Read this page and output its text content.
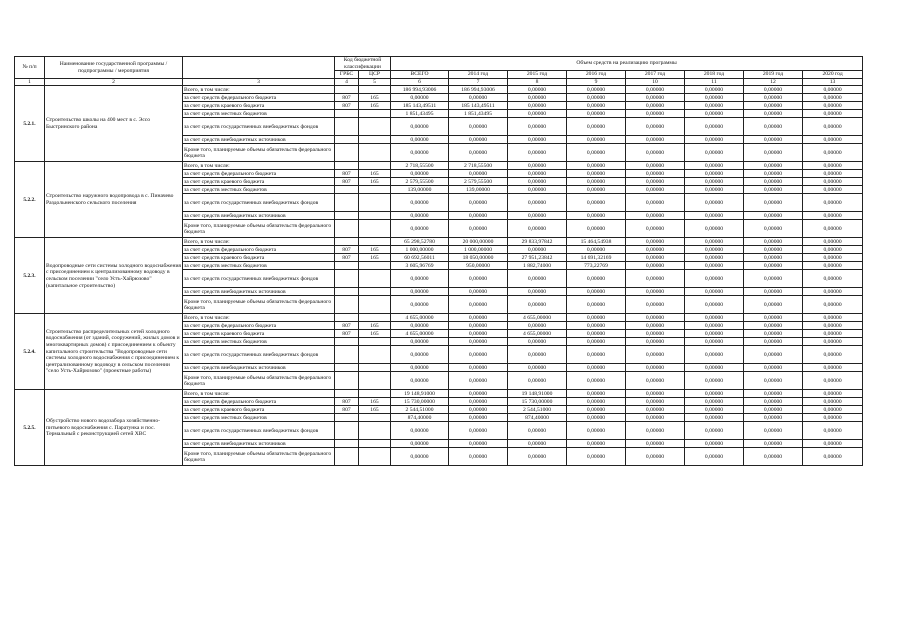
№ п/п	Наименование государственной программы / подпрограммы / мероприятия		Код бюджетной классификации		Объем средств на реализацию программы							
			ГРБС	ЦСР	ВСЕГО	2014 год	2015 год	2016 год	2017 год	2018 год	2019 год	2020 год

1	2	3	4	5	6	7	8	9	10	11	12	13
5.2.1.	Строительство школы на 400 мест в с. Эссо Быстринского района	Всего, в том числе:			186 994,93006	186 994,93006	0,00000	0,00000	0,00000	0,00000	0,00000	0,00000
		за счет средств федерального бюджета	807	165	0,00000	0,00000	0,00000	0,00000	0,00000	0,00000	0,00000	0,00000
		за счет средств краевого бюджета	807	165	185 143,49511	185 143,49511	0,00000	0,00000	0,00000	0,00000	0,00000	0,00000
		за счет средств местных бюджетов			1 851,43495	1 851,43495	0,00000	0,00000	0,00000	0,00000	0,00000	0,00000
		за счет средств государственных внебюджетных фондов			0,00000	0,00000	0,00000	0,00000	0,00000	0,00000	0,00000	0,00000
		за счет средств внебюджетных источников			0,00000	0,00000	0,00000	0,00000	0,00000	0,00000	0,00000	0,00000
		Кроме того, планируемые объемы обязательств федерального бюджета			0,00000	0,00000	0,00000	0,00000	0,00000	0,00000	0,00000	0,00000
5.2.2.	Строительство наружного водопровода в с. Пиначево Раздольненского сельского поселения	Всего, в том числе:			2 718,55500	2 718,55500	0,00000	0,00000	0,00000	0,00000	0,00000	0,00000
		за счет средств федерального бюджета	807	165	0,00000	0,00000	0,00000	0,00000	0,00000	0,00000	0,00000	0,00000
		за счет средств краевого бюджета	807	165	2 579,55500	2 579,55500	0,00000	0,00000	0,00000	0,00000	0,00000	0,00000
		за счет средств местных бюджетов			139,00000	139,00000	0,00000	0,00000	0,00000	0,00000	0,00000	0,00000
		за счет средств государственных внебюджетных фондов			0,00000	0,00000	0,00000	0,00000	0,00000	0,00000	0,00000	0,00000
		за счет средств внебюджетных источников			0,00000	0,00000	0,00000	0,00000	0,00000	0,00000	0,00000	0,00000
		Кроме того, планируемые объемы обязательств федерального бюджета			0,00000	0,00000	0,00000	0,00000	0,00000	0,00000	0,00000	0,00000
5.2.3.	Водопроводные сети системы холодного водоснабжения с присоединением к централизованному водоводу в сельском поселении "село Усть-Хайрюзово" (капитальное строительство)	Всего, в том числе:			65 298,52780	20 000,00000	29 833,97842	15 464,54938	0,00000	0,00000	0,00000	0,00000
		за счет средств федерального бюджета	807	165	1 000,00000	1 000,00000	0,00000	0,00000	0,00000	0,00000	0,00000	0,00000
		за счет средств краевого бюджета	807	165	60 692,56011	18 050,00000	27 951,23842	14 691,32169	0,00000	0,00000	0,00000	0,00000
		за счет средств местных бюджетов			3 605,96769	950,00000	1 882,74000	773,22769	0,00000	0,00000	0,00000	0,00000
		за счет средств государственных внебюджетных фондов			0,00000	0,00000	0,00000	0,00000	0,00000	0,00000	0,00000	0,00000
		за счет средств внебюджетных источников			0,00000	0,00000	0,00000	0,00000	0,00000	0,00000	0,00000	0,00000
		Кроме того, планируемые объемы обязательств федерального бюджета			0,00000	0,00000	0,00000	0,00000	0,00000	0,00000	0,00000	0,00000
5.2.4.	Строительство распределительных сетей холодного водоснабжения (от зданий, сооружений, жилых домов и многоквартирных домов) с присоединением к объекту капитального строительства "Водопроводные сети системы холодного водоснабжения с присоединением к централизованному водоводу в сельском поселении "село Усть-Хайрюзово" (проектные работы)	Всего, в том числе:			4 655,00000	0,00000	4 655,00000	0,00000	0,00000	0,00000	0,00000	0,00000
		за счет средств федерального бюджета	807	165	0,00000	0,00000	0,00000	0,00000	0,00000	0,00000	0,00000	0,00000
		за счет средств краевого бюджета	807	165	4 655,00000	0,00000	4 655,00000	0,00000	0,00000	0,00000	0,00000	0,00000
		за счет средств местных бюджетов			0,00000	0,00000	0,00000	0,00000	0,00000	0,00000	0,00000	0,00000
		за счет средств государственных внебюджетных фондов			0,00000	0,00000	0,00000	0,00000	0,00000	0,00000	0,00000	0,00000
		за счет средств внебюджетных источников			0,00000	0,00000	0,00000	0,00000	0,00000	0,00000	0,00000	0,00000
		Кроме того, планируемые объемы обязательств федерального бюджета			0,00000	0,00000	0,00000	0,00000	0,00000	0,00000	0,00000	0,00000
5.2.5.	Обустройство нового водозабора хозяйственно-питьевого водоснабжения с. Паратунка и пос. Термальный с реконструкцией сетей ХВС	Всего, в том числе:			19 148,91000	0,00000	19 148,91000	0,00000	0,00000	0,00000	0,00000	0,00000
		за счет средств федерального бюджета	807	165	15 730,00000	0,00000	15 730,00000	0,00000	0,00000	0,00000	0,00000	0,00000
		за счет средств краевого бюджета	807	165	2 544,51000	0,00000	2 544,51000	0,00000	0,00000	0,00000	0,00000	0,00000
		за счет средств местных бюджетов			874,40000	0,00000	874,40000	0,00000	0,00000	0,00000	0,00000	0,00000
		за счет средств государственных внебюджетных фондов			0,00000	0,00000	0,00000	0,00000	0,00000	0,00000	0,00000	0,00000
		за счет средств внебюджетных источников			0,00000	0,00000	0,00000	0,00000	0,00000	0,00000	0,00000	0,00000
		Кроме того, планируемые объемы обязательств федерального бюджета			0,00000	0,00000	0,00000	0,00000	0,00000	0,00000	0,00000	0,00000
